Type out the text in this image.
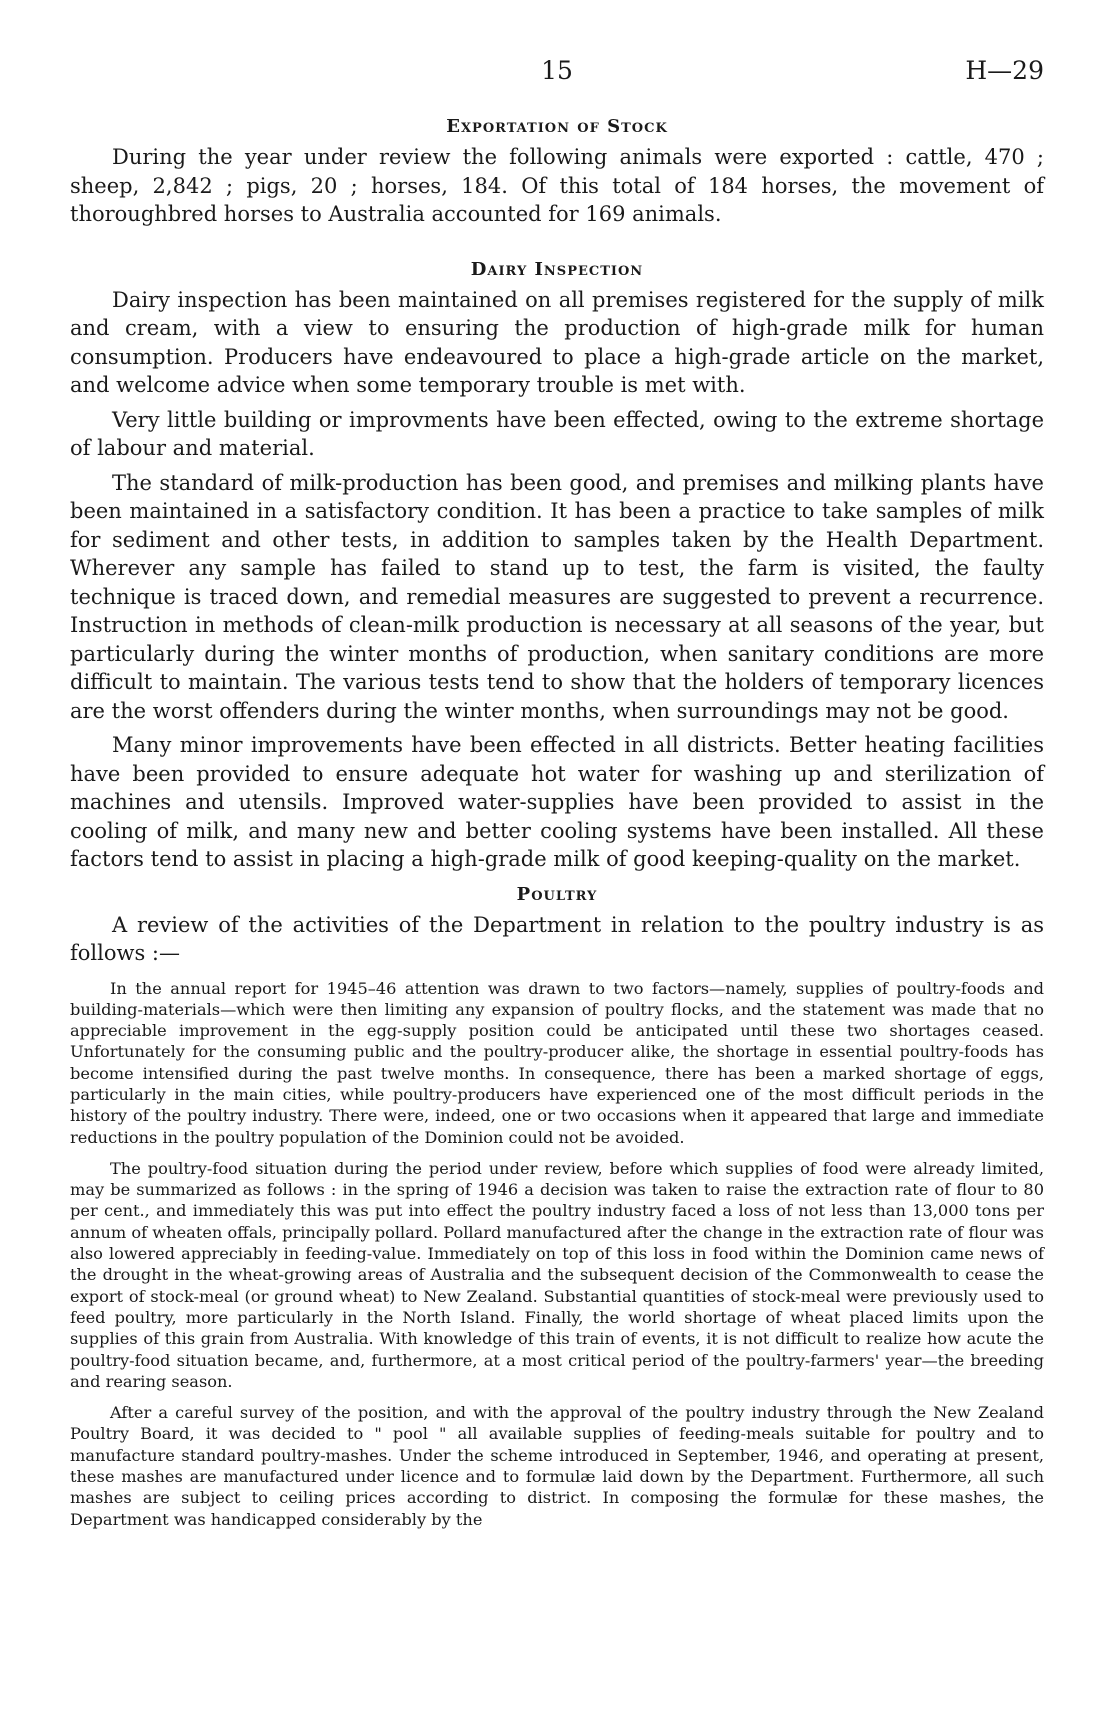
15	H—29
Exportation of Stock

During the year under review the following animals were exported : cattle, 470 ; sheep, 2,842 ; pigs, 20 ; horses, 184. Of this total of 184 horses, the movement of thoroughbred horses to Australia accounted for 169 animals.

Dairy Inspection

Dairy inspection has been maintained on all premises registered for the supply of milk and cream, with a view to ensuring the production of high-grade milk for human consumption. Producers have endeavoured to place a high-grade article on the market, and welcome advice when some temporary trouble is met with.

Very little building or improvments have been effected, owing to the extreme shortage of labour and material.

The standard of milk-production has been good, and premises and milking plants have been maintained in a satisfactory condition. It has been a practice to take samples of milk for sediment and other tests, in addition to samples taken by the Health Department. Wherever any sample has failed to stand up to test, the farm is visited, the faulty technique is traced down, and remedial measures are suggested to prevent a recurrence. Instruction in methods of clean-milk production is necessary at all seasons of the year, but particularly during the winter months of production, when sanitary conditions are more difficult to maintain. The various tests tend to show that the holders of temporary licences are the worst offenders during the winter months, when surroundings may not be good.

Many minor improvements have been effected in all districts. Better heating facilities have been provided to ensure adequate hot water for washing up and sterilization of machines and utensils. Improved water-supplies have been provided to assist in the cooling of milk, and many new and better cooling systems have been installed. All these factors tend to assist in placing a high-grade milk of good keeping-quality on the market.

Poultry

A review of the activities of the Department in relation to the poultry industry is as follows :—

In the annual report for 1945–46 attention was drawn to two factors—namely, supplies of poultry-foods and building-materials—which were then limiting any expansion of poultry flocks, and the statement was made that no appreciable improvement in the egg-supply position could be anticipated until these two shortages ceased. Unfortunately for the consuming public and the poultry-producer alike, the shortage in essential poultry-foods has become intensified during the past twelve months. In consequence, there has been a marked shortage of eggs, particularly in the main cities, while poultry-producers have experienced one of the most difficult periods in the history of the poultry industry. There were, indeed, one or two occasions when it appeared that large and immediate reductions in the poultry population of the Dominion could not be avoided.

The poultry-food situation during the period under review, before which supplies of food were already limited, may be summarized as follows : in the spring of 1946 a decision was taken to raise the extraction rate of flour to 80 per cent., and immediately this was put into effect the poultry industry faced a loss of not less than 13,000 tons per annum of wheaten offals, principally pollard. Pollard manufactured after the change in the extraction rate of flour was also lowered appreciably in feeding-value. Immediately on top of this loss in food within the Dominion came news of the drought in the wheat-growing areas of Australia and the subsequent decision of the Commonwealth to cease the export of stock-meal (or ground wheat) to New Zealand. Substantial quantities of stock-meal were previously used to feed poultry, more particularly in the North Island. Finally, the world shortage of wheat placed limits upon the supplies of this grain from Australia. With knowledge of this train of events, it is not difficult to realize how acute the poultry-food situation became, and, furthermore, at a most critical period of the poultry-farmers' year—the breeding and rearing season.

After a careful survey of the position, and with the approval of the poultry industry through the New Zealand Poultry Board, it was decided to " pool " all available supplies of feeding-meals suitable for poultry and to manufacture standard poultry-mashes. Under the scheme introduced in September, 1946, and operating at present, these mashes are manufactured under licence and to formulæ laid down by the Department. Furthermore, all such mashes are subject to ceiling prices according to district. In composing the formulæ for these mashes, the Department was handicapped considerably by the
